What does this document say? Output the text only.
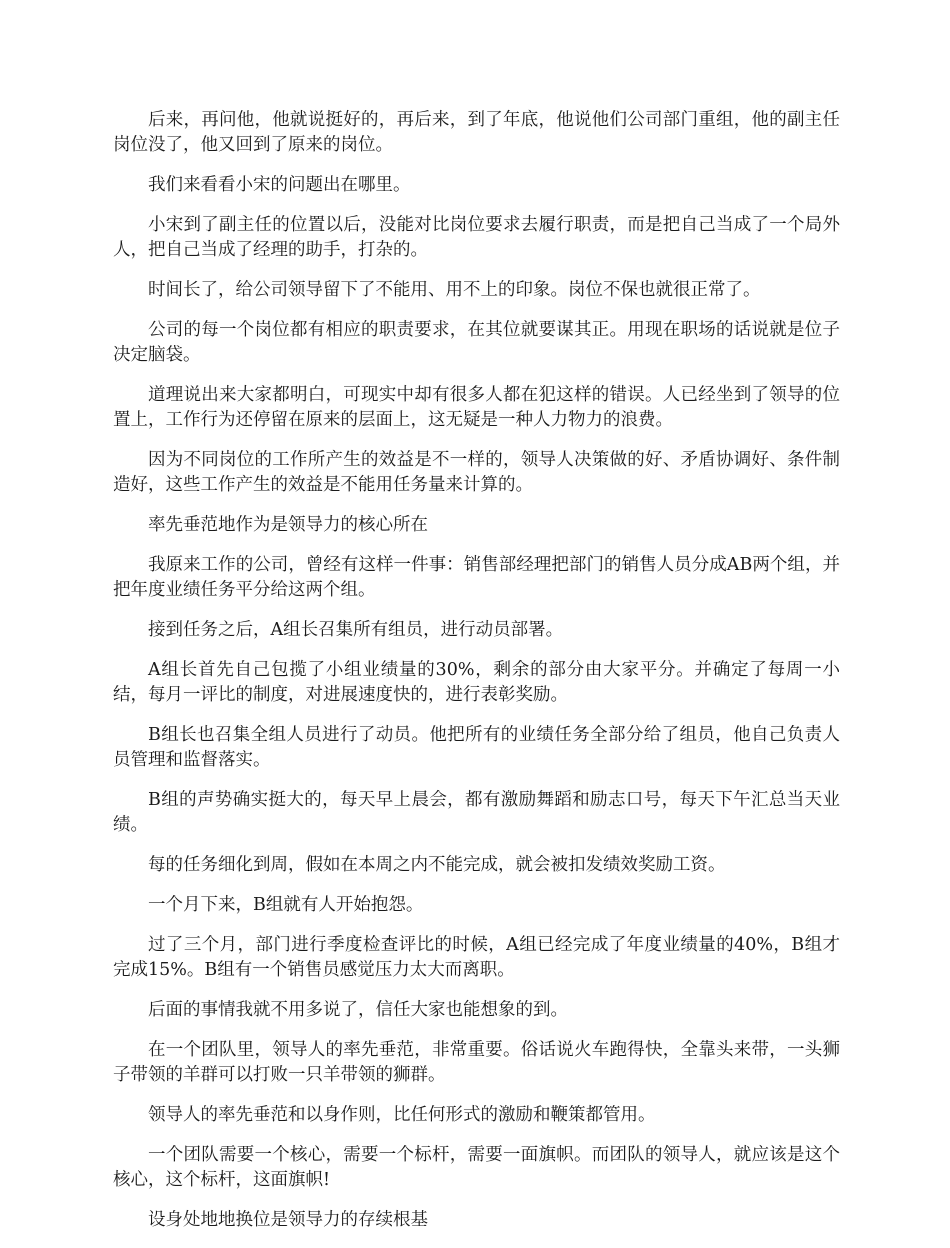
后来，再问他，他就说挺好的，再后来，到了年底，他说他们公司部门重组，他的副主任岗位没了，他又回到了原来的岗位。

我们来看看小宋的问题出在哪里。

小宋到了副主任的位置以后，没能对比岗位要求去履行职责，而是把自己当成了一个局外人，把自己当成了经理的助手，打杂的。

时间长了，给公司领导留下了不能用、用不上的印象。岗位不保也就很正常了。

公司的每一个岗位都有相应的职责要求，在其位就要谋其正。用现在职场的话说就是位子决定脑袋。

道理说出来大家都明白，可现实中却有很多人都在犯这样的错误。人已经坐到了领导的位置上，工作行为还停留在原来的层面上，这无疑是一种人力物力的浪费。

因为不同岗位的工作所产生的效益是不一样的，领导人决策做的好、矛盾协调好、条件制造好，这些工作产生的效益是不能用任务量来计算的。

率先垂范地作为是领导力的核心所在

我原来工作的公司，曾经有这样一件事：销售部经理把部门的销售人员分成AB两个组，并把年度业绩任务平分给这两个组。

接到任务之后，A组长召集所有组员，进行动员部署。

A组长首先自己包揽了小组业绩量的30%，剩余的部分由大家平分。并确定了每周一小结，每月一评比的制度，对进展速度快的，进行表彰奖励。

B组长也召集全组人员进行了动员。他把所有的业绩任务全部分给了组员，他自己负责人员管理和监督落实。

B组的声势确实挺大的，每天早上晨会，都有激励舞蹈和励志口号，每天下午汇总当天业绩。

每的任务细化到周，假如在本周之内不能完成，就会被扣发绩效奖励工资。

一个月下来，B组就有人开始抱怨。

过了三个月，部门进行季度检查评比的时候，A组已经完成了年度业绩量的40%，B组才完成15%。B组有一个销售员感觉压力太大而离职。

后面的事情我就不用多说了，信任大家也能想象的到。

在一个团队里，领导人的率先垂范，非常重要。俗话说火车跑得快，全靠头来带，一头狮子带领的羊群可以打败一只羊带领的狮群。

领导人的率先垂范和以身作则，比任何形式的激励和鞭策都管用。

一个团队需要一个核心，需要一个标杆，需要一面旗帜。而团队的领导人，就应该是这个核心，这个标杆，这面旗帜!

设身处地地换位是领导力的存续根基
